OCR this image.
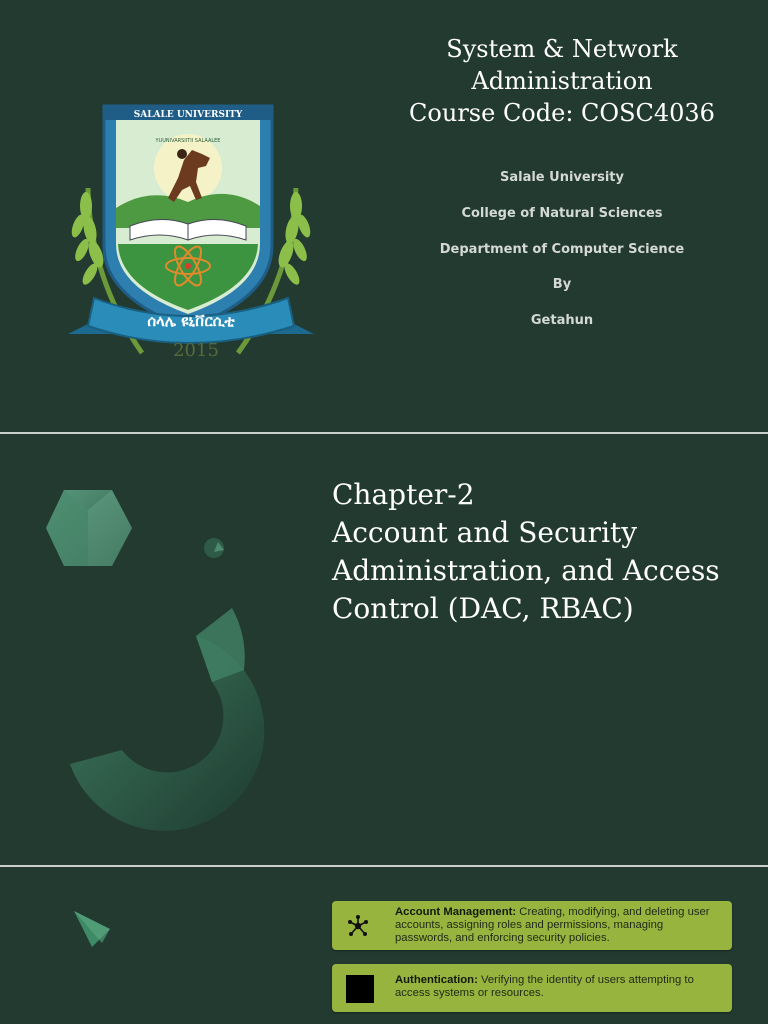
SALALE UNIVERSITY
YUUNIVARSIITII SALAALEE
ሰላሌ ዩኒቨርሲቲ
2015
System & Network
Administration
Course Code: COSC4036
Salale University
College of Natural Sciences
Department of Computer Science
By
Getahun
Chapter-2
Account and Security
Administration, and Access
Control (DAC, RBAC)
Account Management: Creating, modifying, and deleting user accounts, assigning roles and permissions, managing passwords, and enforcing security policies.
Authentication: Verifying the identity of users attempting to access systems or resources.
